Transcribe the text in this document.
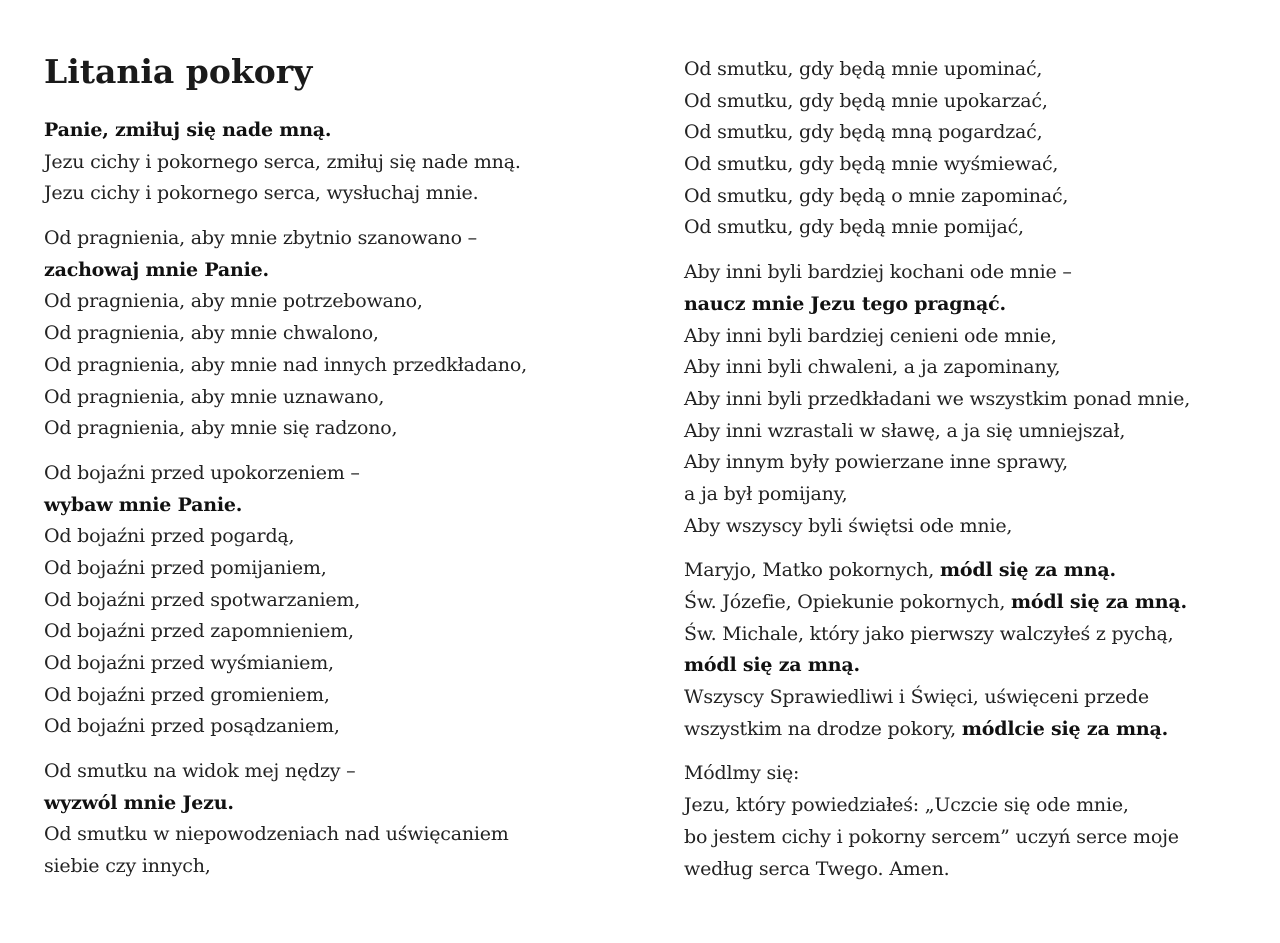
Litania pokory
Panie, zmiłuj się nade mną.
Jezu cichy i pokornego serca, zmiłuj się nade mną.
Jezu cichy i pokornego serca, wysłuchaj mnie.
Od pragnienia, aby mnie zbytnio szanowano –
zachowaj mnie Panie.
Od pragnienia, aby mnie potrzebowano,
Od pragnienia, aby mnie chwalono,
Od pragnienia, aby mnie nad innych przedkładano,
Od pragnienia, aby mnie uznawano,
Od pragnienia, aby mnie się radzono,
Od bojaźni przed upokorzeniem –
wybaw mnie Panie.
Od bojaźni przed pogardą,
Od bojaźni przed pomijaniem,
Od bojaźni przed spotwarzaniem,
Od bojaźni przed zapomnieniem,
Od bojaźni przed wyśmianiem,
Od bojaźni przed gromieniem,
Od bojaźni przed posądzaniem,
Od smutku na widok mej nędzy –
wyzwól mnie Jezu.
Od smutku w niepowodzeniach nad uświęcaniem
siebie czy innych,
Od smutku, gdy będą mnie upominać,
Od smutku, gdy będą mnie upokarzać,
Od smutku, gdy będą mną pogardzać,
Od smutku, gdy będą mnie wyśmiewać,
Od smutku, gdy będą o mnie zapominać,
Od smutku, gdy będą mnie pomijać,
Aby inni byli bardziej kochani ode mnie –
naucz mnie Jezu tego pragnąć.
Aby inni byli bardziej cenieni ode mnie,
Aby inni byli chwaleni, a ja zapominany,
Aby inni byli przedkładani we wszystkim ponad mnie,
Aby inni wzrastali w sławę, a ja się umniejszał,
Aby innym były powierzane inne sprawy,
a ja był pomijany,
Aby wszyscy byli świętsi ode mnie,
Maryjo, Matko pokornych, módl się za mną.
Św. Józefie, Opiekunie pokornych, módl się za mną.
Św. Michale, który jako pierwszy walczyłeś z pychą,
módl się za mną.
Wszyscy Sprawiedliwi i Święci, uświęceni przede
wszystkim na drodze pokory, módlcie się za mną.
Módlmy się:
Jezu, który powiedziałeś: „Uczcie się ode mnie,
bo jestem cichy i pokorny sercem” uczyń serce moje
według serca Twego. Amen.
